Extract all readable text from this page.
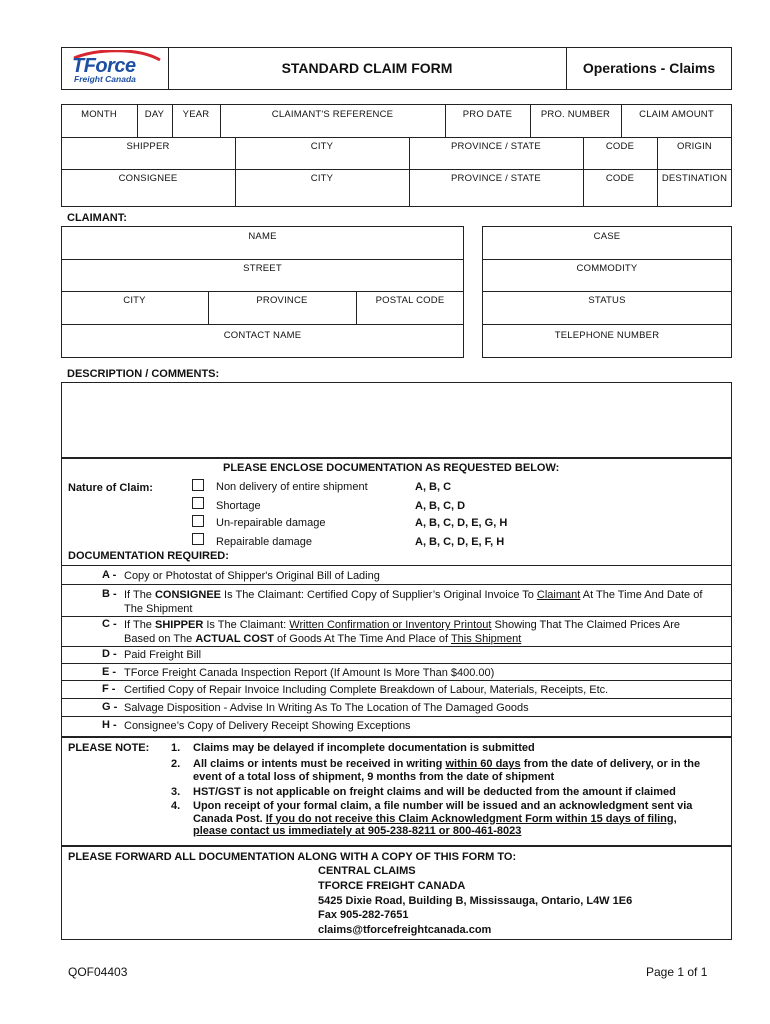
TForce
Freight Canada
STANDARD CLAIM FORM	Operations - Claims
MONTH	DAY	YEAR	CLAIMANT'S REFERENCE	PRO DATE	PRO. NUMBER	CLAIM AMOUNT
SHIPPER	CITY	PROVINCE / STATE	CODE	ORIGIN
CONSIGNEE	CITY	PROVINCE / STATE	CODE	DESTINATION
CLAIMANT:
NAME
STREET
CITY	PROVINCE	POSTAL CODE
CONTACT NAME
CASE
COMMODITY
STATUS
TELEPHONE NUMBER
DESCRIPTION / COMMENTS:
PLEASE ENCLOSE DOCUMENTATION AS REQUESTED BELOW:
Nature of Claim:	Non delivery of entire shipment	A, B, C
Shortage	A, B, C, D
Un-repairable damage	A, B, C, D, E, G, H
Repairable damage	A, B, C, D, E, F, H
DOCUMENTATION REQUIRED:
A - Copy or Photostat of Shipper's Original Bill of Lading
B - If The CONSIGNEE Is The Claimant: Certified Copy of Supplier’s Original Invoice To Claimant At The Time And Date of
The Shipment
C - If The SHIPPER Is The Claimant: Written Confirmation or Inventory Printout Showing That The Claimed Prices Are
Based on The ACTUAL COST of Goods At The Time And Place of This Shipment
D - Paid Freight Bill
E - TForce Freight Canada Inspection Report (If Amount Is More Than $400.00)
F - Certified Copy of Repair Invoice Including Complete Breakdown of Labour, Materials, Receipts, Etc.
G - Salvage Disposition - Advise In Writing As To The Location of The Damaged Goods
H - Consignee’s Copy of Delivery Receipt Showing Exceptions
PLEASE NOTE: 1. Claims may be delayed if incomplete documentation is submitted
2. All claims or intents must be received in writing within 60 days from the date of delivery, or in the
event of a total loss of shipment, 9 months from the date of shipment
3. HST/GST is not applicable on freight claims and will be deducted from the amount if claimed
4. Upon receipt of your formal claim, a file number will be issued and an acknowledgment sent via
Canada Post. If you do not receive this Claim Acknowledgment Form within 15 days of filing,
please contact us immediately at 905-238-8211 or 800-461-8023
PLEASE FORWARD ALL DOCUMENTATION ALONG WITH A COPY OF THIS FORM TO:
CENTRAL CLAIMS
TFORCE FREIGHT CANADA
5425 Dixie Road, Building B, Mississauga, Ontario, L4W 1E6
Fax 905-282-7651
claims@tforcefreightcanada.com
QOF04403	Page 1 of 1
